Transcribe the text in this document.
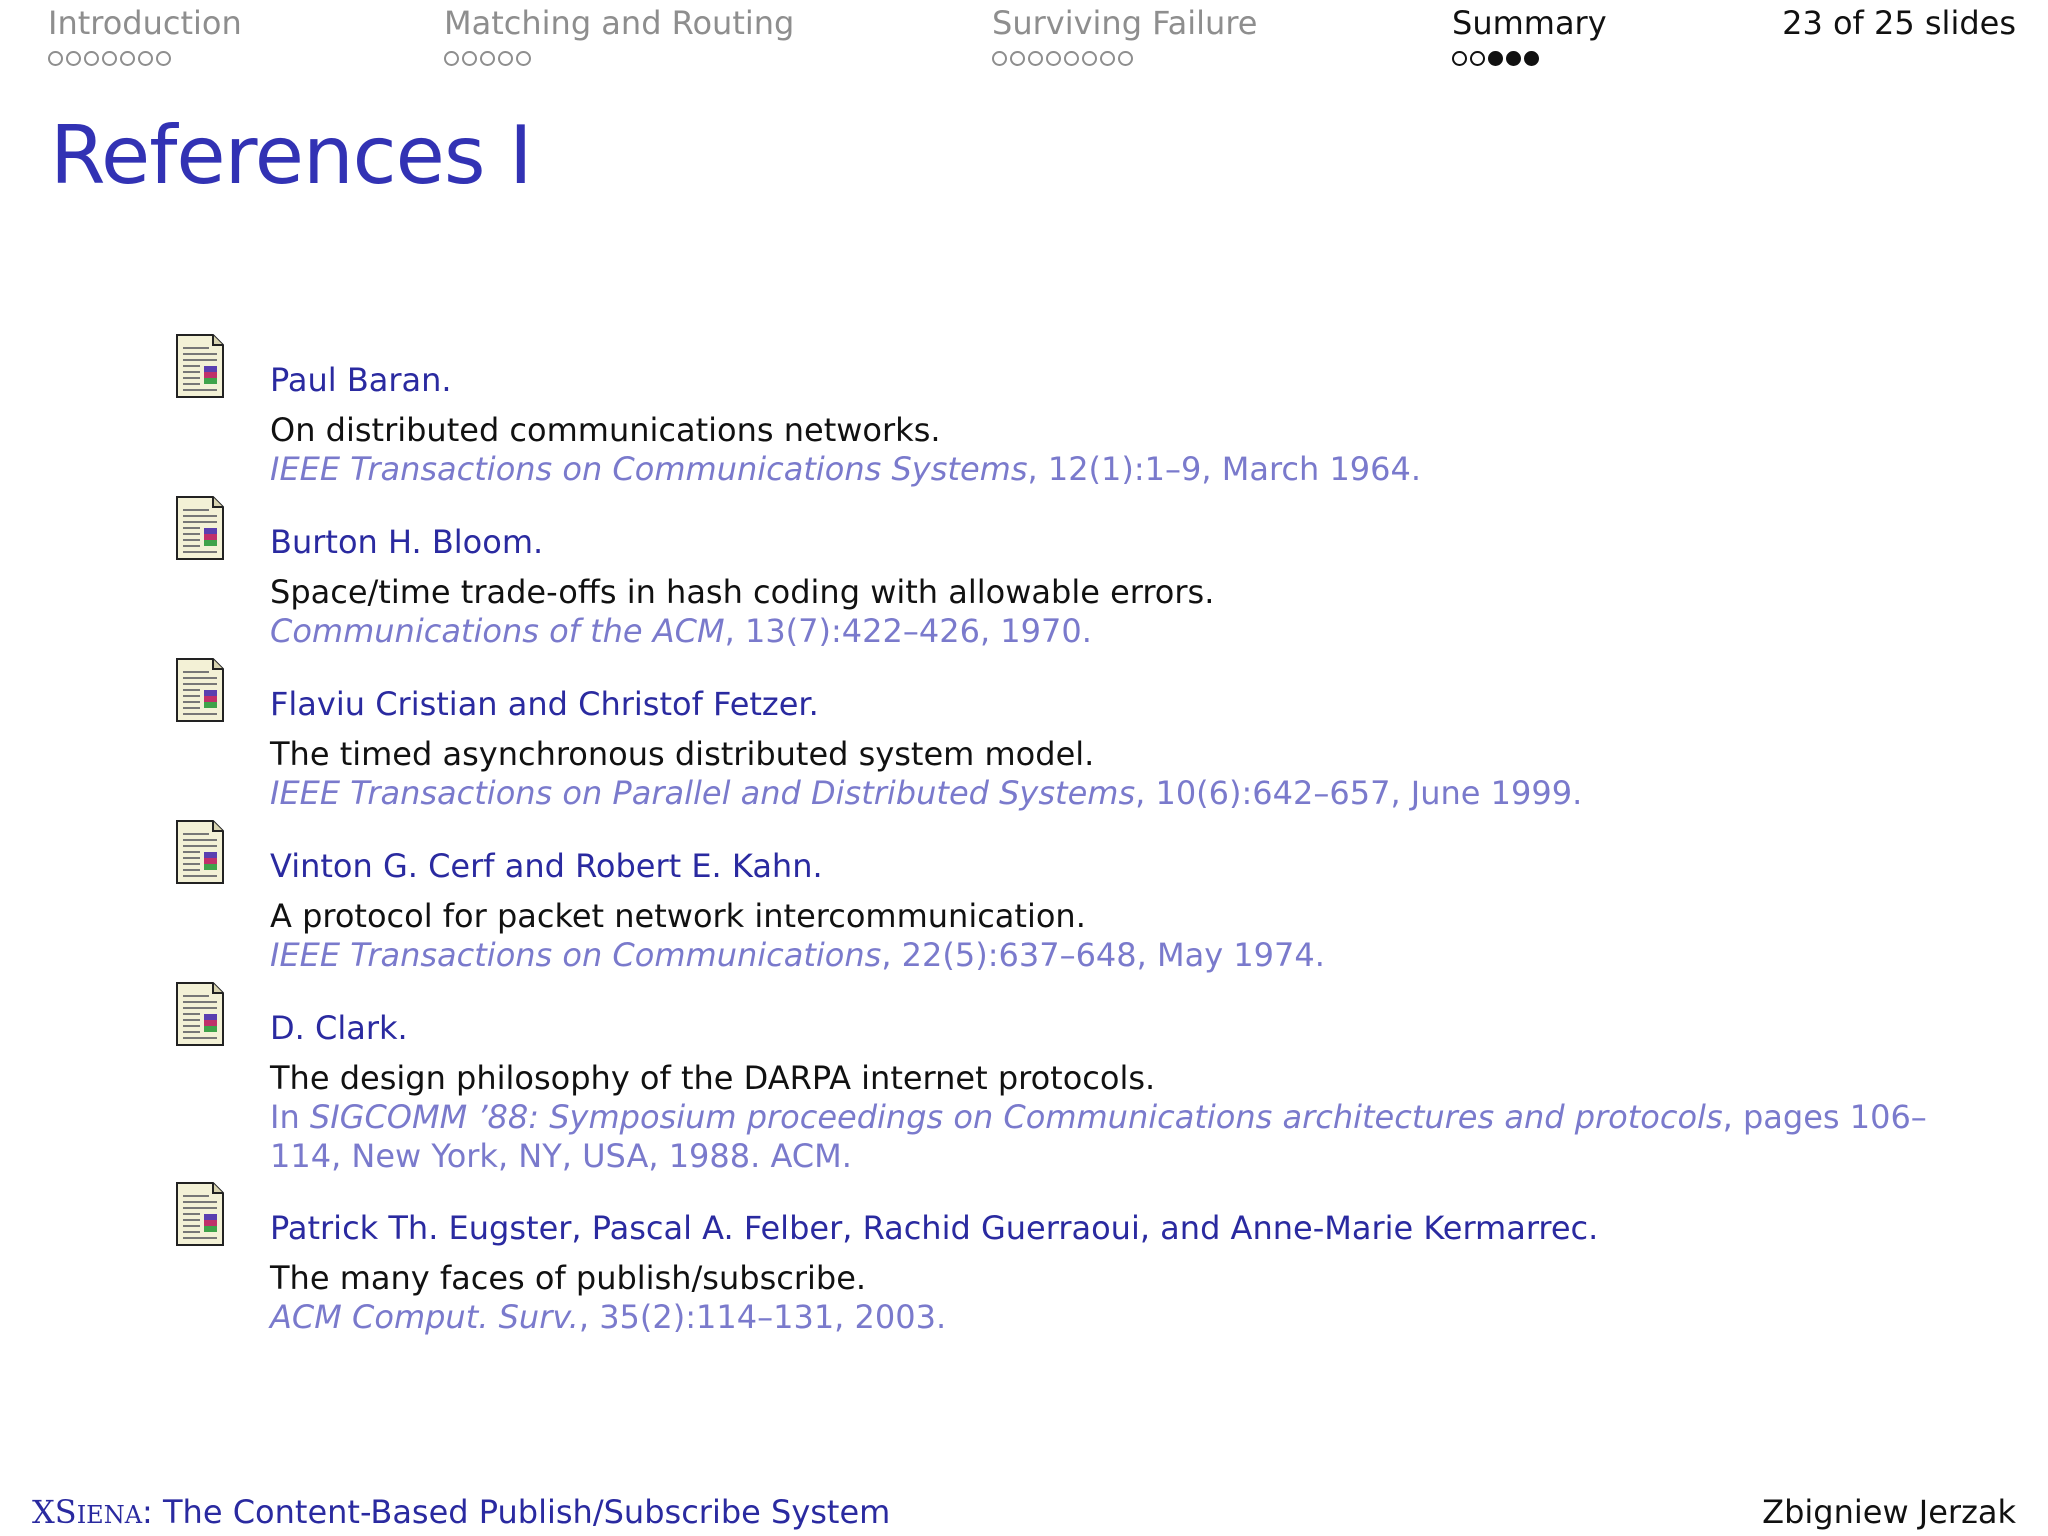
Introduction	Matching and Routing	Surviving Failure	Summary	23 of 25 slides
References I
Paul Baran.
On distributed communications networks.
IEEE Transactions on Communications Systems, 12(1):1–9, March 1964.
Burton H. Bloom.
Space/time trade-offs in hash coding with allowable errors.
Communications of the ACM, 13(7):422–426, 1970.
Flaviu Cristian and Christof Fetzer.
The timed asynchronous distributed system model.
IEEE Transactions on Parallel and Distributed Systems, 10(6):642–657, June 1999.
Vinton G. Cerf and Robert E. Kahn.
A protocol for packet network intercommunication.
IEEE Transactions on Communications, 22(5):637–648, May 1974.
D. Clark.
The design philosophy of the DARPA internet protocols.
In SIGCOMM ’88: Symposium proceedings on Communications architectures and protocols, pages 106–114, New York, NY, USA, 1988. ACM.
Patrick Th. Eugster, Pascal A. Felber, Rachid Guerraoui, and Anne-Marie Kermarrec.
The many faces of publish/subscribe.
ACM Comput. Surv., 35(2):114–131, 2003.
XSIENA: The Content-Based Publish/Subscribe System	Zbigniew Jerzak
